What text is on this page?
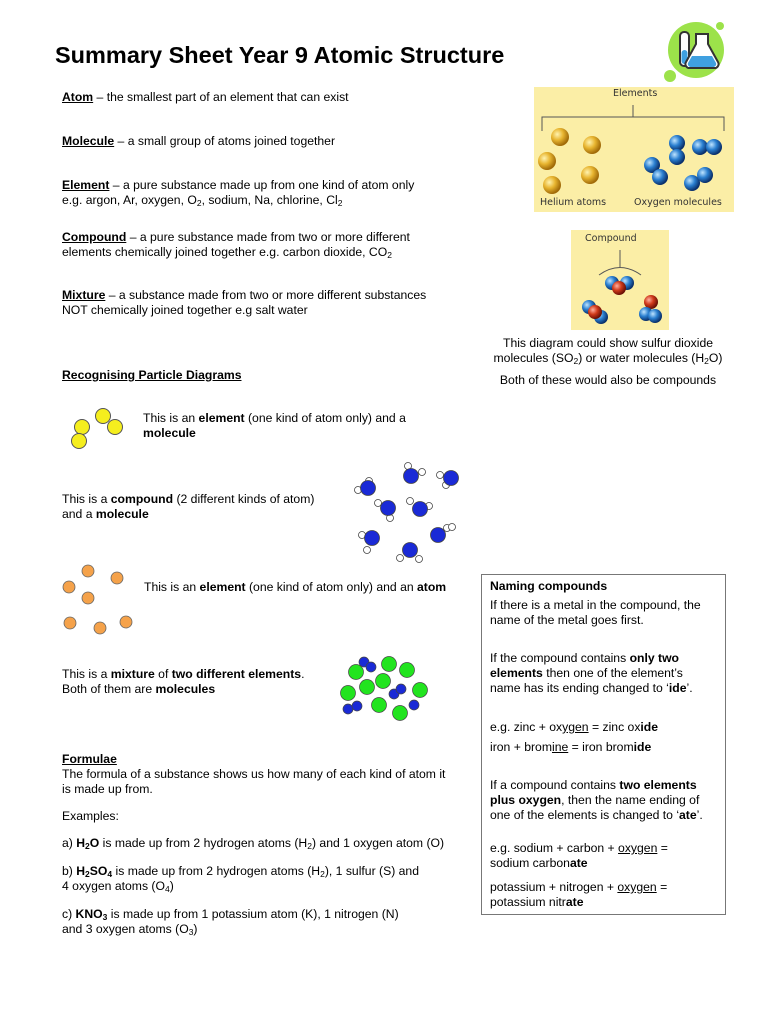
Summary Sheet Year 9 Atomic Structure
Atom – the smallest part of an element that can exist
Molecule – a small group of atoms joined together
Element – a pure substance made up from one kind of atom only
e.g. argon, Ar, oxygen, $O_2$, sodium, Na, chlorine, $Cl_2$
Compound – a pure substance made from two or more different
elements chemically joined together e.g. carbon dioxide, $CO_2$
Mixture – a substance made from two or more different substances
NOT chemically joined together e.g salt water
Elements
Helium atoms	Oxygen molecules
Compound
This diagram could show sulfur dioxide
molecules $(SO_2)$ or water molecules $(H_2O)$
Both of these would also be compounds
Recognising Particle Diagrams
This is an element (one kind of atom only) and a
molecule
This is a compound (2 different kinds of atom)
and a molecule
This is an element (one kind of atom only) and an atom
This is a mixture of two different elements.
Both of them are molecules
Formulae
The formula of a substance shows us how many of each kind of atom it
is made up from.
Examples:
a) $H_2O$ is made up from 2 hydrogen atoms $(H_2)$ and 1 oxygen atom (O)
b) $H_2SO_4$ is made up from 2 hydrogen atoms $(H_2)$, 1 sulfur (S) and
4 oxygen atoms $(O_4)$
c) $KNO_3$ is made up from 1 potassium atom (K), 1 nitrogen (N)
and 3 oxygen atoms $(O_3)$

Naming compounds

If there is a metal in the compound, the
name of the metal goes first.

If the compound contains only two
elements then one of the element’s
name has its ending changed to ‘ide’.

e.g. zinc + oxygen = zinc oxide

iron + bromine = iron bromide

If a compound contains two elements
plus oxygen, then the name ending of
one of the elements is changed to ‘ate’.

e.g. sodium + carbon + oxygen =
sodium carbonate

potassium + nitrogen + oxygen =
potassium nitrate
